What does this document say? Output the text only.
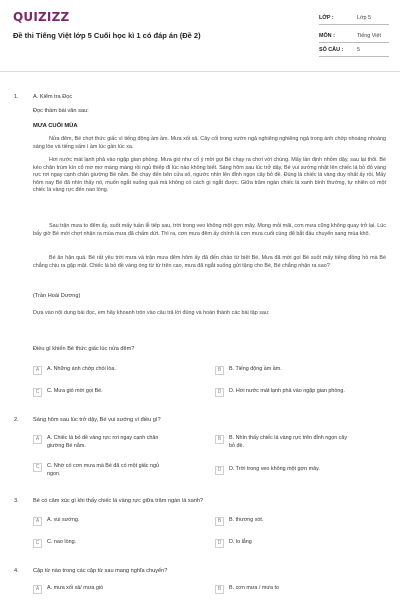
QUIZIZZ
Đề thi Tiếng Việt lớp 5 Cuối học kì 1 có đáp án (Đề 2)
LỚP :	Lớp 5
MÔN :	Tiếng Việt
SỐ CÂU :	5
1.	A. Kiểm tra Đọc
Đọc thầm bài văn sau:
MƯA CUỐI MÙA
Nửa đêm, Bé chợt thức giấc vì tiếng động ầm ầm. Mưa xối xả. Cây cối trong vườn ngả nghiêng nghiêng ngả trong ánh chớp nhoáng nhoáng sáng lòe và tiếng sấm ì ầm lúc gần lúc xa.
Hơi nước mát lạnh phả vào ngập gian phòng. Mưa gió như cố ý mời gọi Bé chạy ra chơi với chúng. Mấy lần định nhỏm dậy, sau lại thôi. Bé kéo chăn trùm kín cổ mơ mơ màng màng rồi ngủ thiếp đi lúc nào không biết. Sáng hôm sau lúc trở dậy, Bé vui sướng nhặt lên chiếc lá bỏ đỏ vàng rực rơi ngay cạnh chân giường Bé nằm. Bé chạy đến bên cửa sổ, ngước nhìn lên đỉnh ngọn cây bỏ đề. Đúng là chiếc lá vàng duy nhất ấy rồi. Mấy hôm nay Bé đã nhìn thấy nó, muốn ngắt xuống quá mà không có cách gì ngắt được. Giữa trăm ngàn chiếc lá xanh bình thường, tự nhiên có một chiếc lá vàng rực đến nao lòng.
Sau trận mưa to đêm ấy, suốt mấy tuần lễ tiếp sau, trời trong veo không một gợn mây. Mong mỏi mãi, cơn mưa cũng không quay trở lại. Lúc bấy giờ Bé mới chợt nhận ra mùa mưa đã chấm dứt. Thì ra, cơn mưa đêm ấy chính là cơn mưa cuối cùng để bắt đầu chuyển sang mùa khô.
Bé ân hận quá. Bé rất yêu trời mưa và trận mưa đêm hôm ấy đã đến chào từ biệt Bé. Mưa đã mời gọi Bé suốt mấy tiếng đồng hồ mà Bé chẳng chịu ra gặp mặt. Chiếc lá bỏ đề vàng óng từ từ trên cao, mưa đã ngắt xuống gửi tặng cho Bé, Bé chẳng nhận ra sao?
(Trần Hoài Dương)
Dựa vào nội dung bài đọc, em hãy khoanh tròn vào câu trả lời đúng và hoàn thành các bài tập sau:
Điều gì khiến Bé thức giấc lúc nửa đêm?
A	A. Những ánh chớp chói lòa.	B	B. Tiếng động ầm ầm.
C	C. Mưa gió mời gọi Bé.	D	D. Hơi nước mát lạnh phả vào ngập gian phòng.
2.	Sáng hôm sau lúc trở dậy, Bé vui sướng vì điều gì?
A	A. Chiếc lá bỏ đề vàng rực rơi ngay cạnh chân giường Bé nằm.
B	B. Nhìn thấy chiếc lá vàng rực trên đỉnh ngọn cây bỏ đề.
C	C. Nhờ có cơn mưa mà Bé đã có một giấc ngủ ngon.
D	D. Trời trong veo không một gợn mây.
3.	Bé có cảm xúc gì khi thấy chiếc lá vàng rực giữa trăm ngàn lá xanh?
A	A. vui sướng.	B	B. thương xót.
C	C. nao lòng.	D	D. lo lắng
4.	Cặp từ nào trong các cặp từ sau mang nghĩa chuyển?
A	A. mưa xối xả/ mưa gió	B	B. cơn mưa / mưa to
